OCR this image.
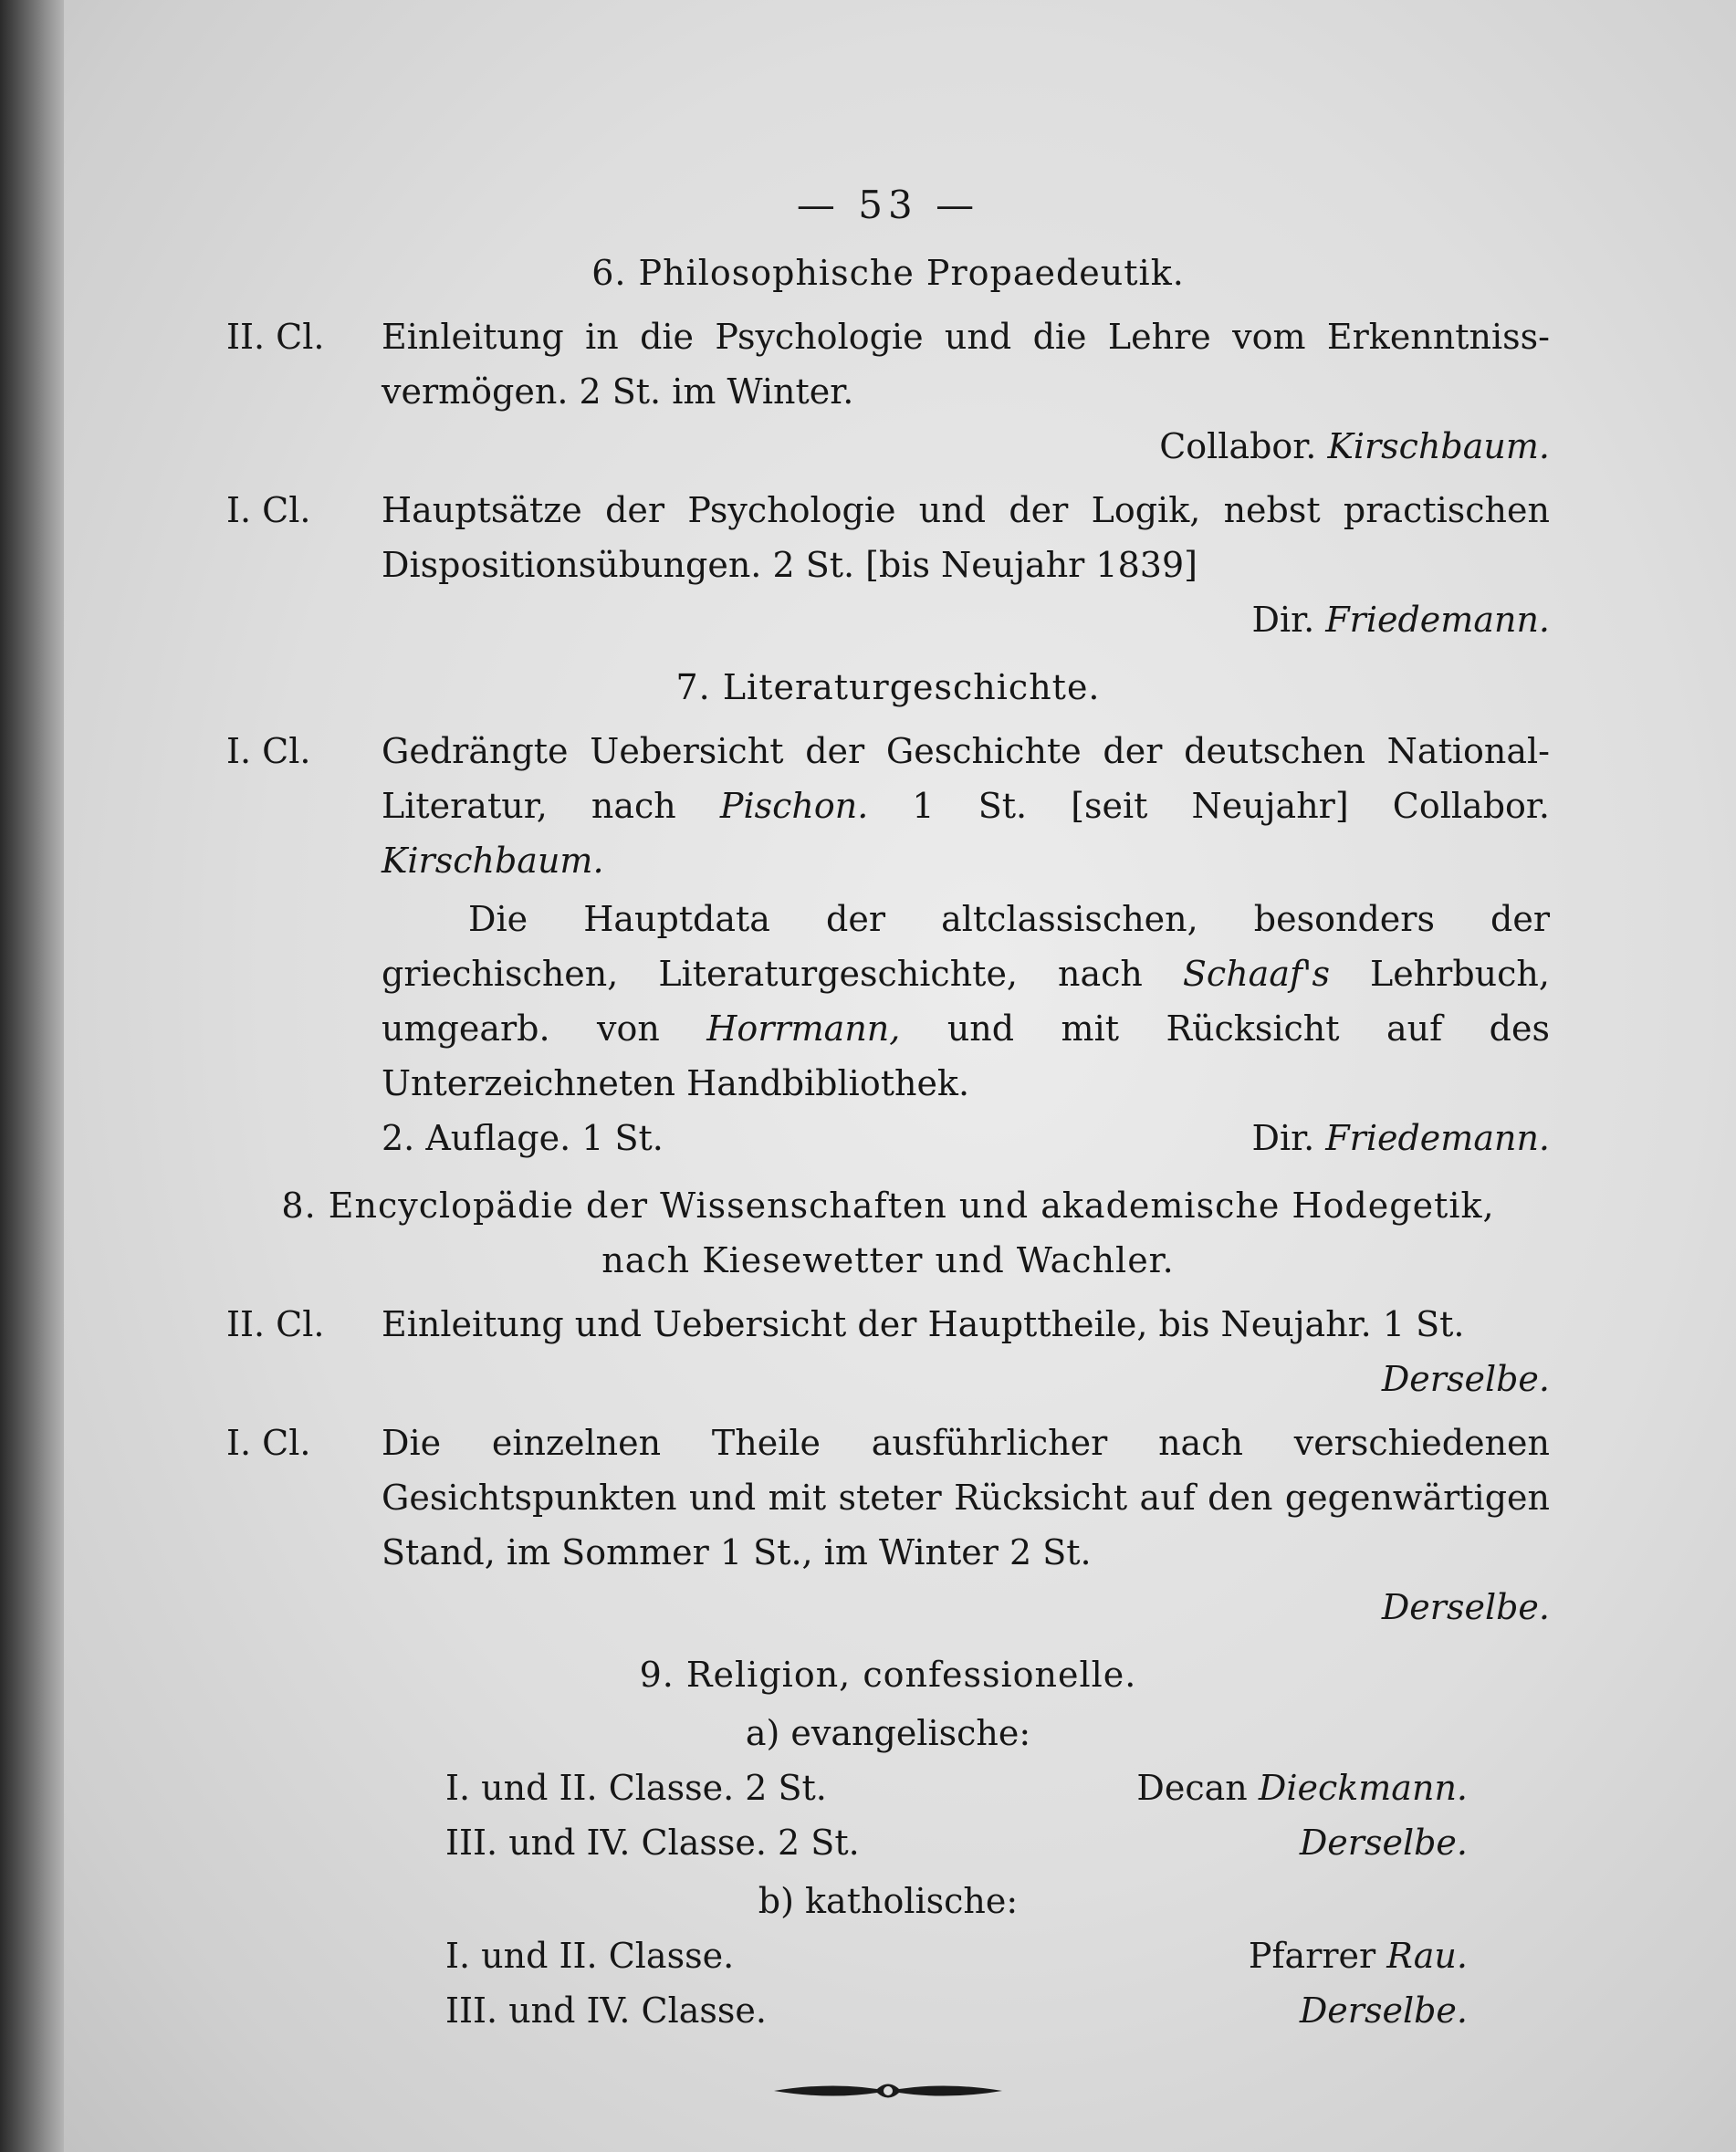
— 53 —
6. Philosophische Propaedeutik.
II. Cl.	Einleitung in die Psychologie und die Lehre vom Erkenntniss- vermögen. 2 St. im Winter.

Collabor. Kirschbaum.

I. Cl.	Hauptsätze der Psychologie und der Logik, nebst practischen Dispositionsübungen. 2 St. [bis Neujahr 1839]

Dir. Friedemann.

7. Literaturgeschichte.
I. Cl.	Gedrängte Uebersicht der Geschichte der deutschen National-Literatur, nach Pischon. 1 St. [seit Neujahr] Collabor. Kirschbaum.

Die Hauptdata der altclassischen, besonders der griechischen, Literaturgeschichte, nach Schaaf's Lehrbuch, umgearb. von Horrmann, und mit Rücksicht auf des Unterzeichneten Handbibliothek.
2. Auflage. 1 St.	Dir. Friedemann.
8. Encyclopädie der Wissenschaften und akademische Hodegetik, nach Kiesewetter und Wachler.
II. Cl.	Einleitung und Uebersicht der Haupttheile, bis Neujahr. 1 St.

Derselbe.

I. Cl.	Die einzelnen Theile ausführlicher nach verschiedenen Gesichtspunkten und mit steter Rücksicht auf den gegenwärtigen Stand, im Sommer 1 St., im Winter 2 St.

Derselbe.

9. Religion, confessionelle.
a) evangelische:
I. und II. Classe. 2 St.	Decan Dieckmann.
III. und IV. Classe. 2 St.	Derselbe.
b) katholische:
I. und II. Classe.	Pfarrer Rau.
III. und IV. Classe.	Derselbe.
